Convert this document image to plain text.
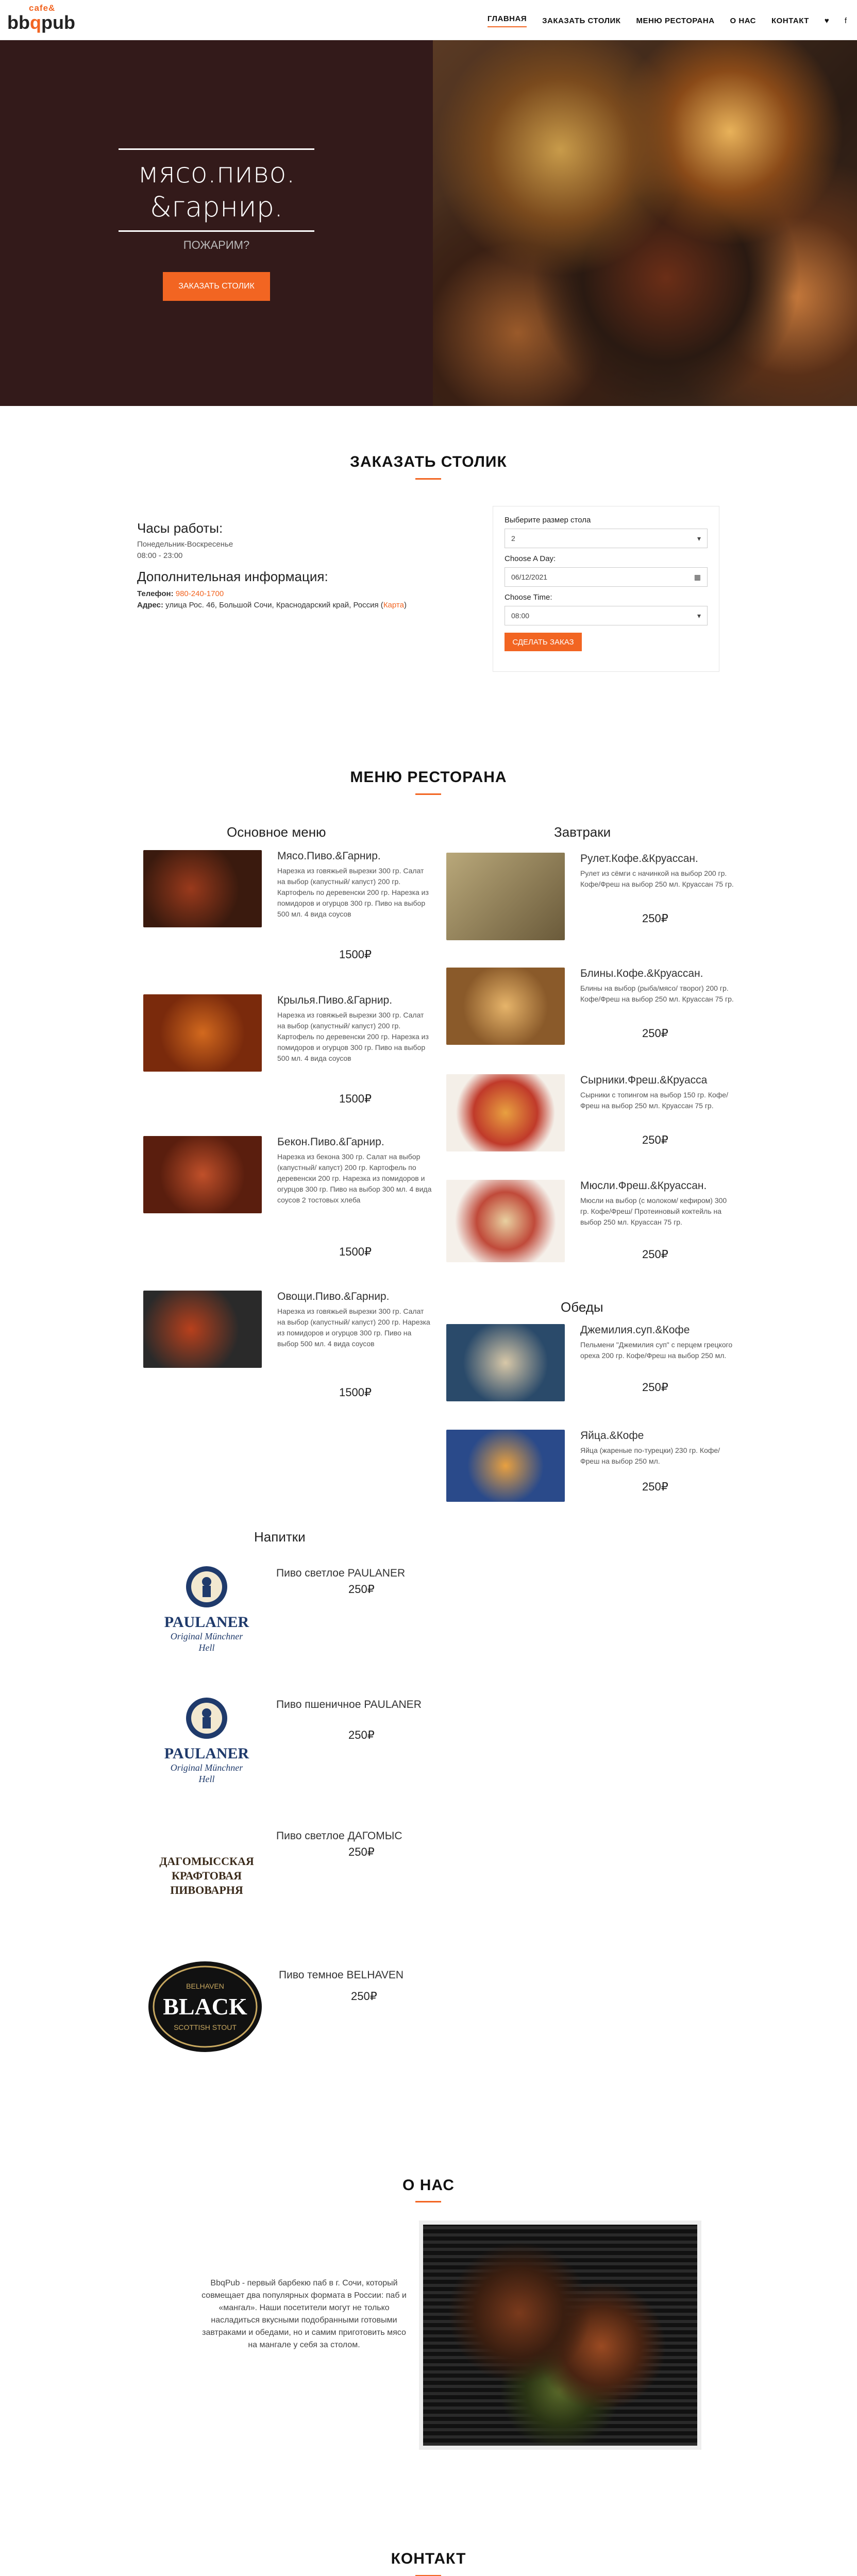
cafe&
bbqpub	ГЛАВНАЯ ЗАКАЗАТЬ СТОЛИК МЕНЮ РЕСТОРАНА О НАС КОНТАКТ ♥ f
мясо.пиво.
&гарнир.
ПОЖАРИМ?
ЗАКАЗАТЬ СТОЛИК
ЗАКАЗАТЬ СТОЛИК
Часы работы:
Понедельник-Воскресенье
08:00 - 23:00
Дополнительная информация:
Телефон: 980-240-1700
Адрес: улица Рос. 46, Большой Сочи, Краснодарский край, Россия (Карта)
Выберите размер стола
2	▾
Choose A Day:
06/12/2021	▦
Choose Time:
08:00	▾
СДЕЛАТЬ ЗАКАЗ
МЕНЮ РЕСТОРАНА
Основное меню	Завтраки
Мясо.Пиво.&Гарнир.
Нарезка из говяжьей вырезки 300 гр. Салат на выбор (капустный/ капуст) 200 гр. Картофель по деревенски 200 гр. Нарезка из помидоров и огурцов 300 гр. Пиво на выбор 500 мл. 4 вида соусов
1500₽
Крылья.Пиво.&Гарнир.
Нарезка из говяжьей вырезки 300 гр. Салат на выбор (капустный/ капуст) 200 гр. Картофель по деревенски 200 гр. Нарезка из помидоров и огурцов 300 гр. Пиво на выбор 500 мл. 4 вида соусов
1500₽
Бекон.Пиво.&Гарнир.
Нарезка из бекона 300 гр. Салат на выбор (капустный/ капуст) 200 гр. Картофель по деревенски 200 гр. Нарезка из помидоров и огурцов 300 гр. Пиво на выбор 300 мл. 4 вида соусов 2 тостовых хлеба
1500₽
Овощи.Пиво.&Гарнир.
Нарезка из говяжьей вырезки 300 гр. Салат на выбор (капустный/ капуст) 200 гр. Нарезка из помидоров и огурцов 300 гр. Пиво на выбор 500 мл. 4 вида соусов
1500₽
Рулет.Кофе.&Круассан.
Рулет из сёмги с начинкой на выбор 200 гр. Кофе/Фреш на выбор 250 мл. Круассан 75 гр.
250₽
Блины.Кофе.&Круассан.
Блины на выбор (рыба/мясо/ творог) 200 гр. Кофе/Фреш на выбор 250 мл. Круассан 75 гр.
250₽
Сырники.Фреш.&Круасса
Сырники с топингом на выбор 150 гр. Кофе/Фреш на выбор 250 мл. Круассан 75 гр.
250₽
Мюсли.Фреш.&Круассан.
Мюсли на выбор (с молоком/ кефиром) 300 гр. Кофе/Фреш/ Протеиновый коктейль на выбор 250 мл. Круассан 75 гр.
250₽
Обеды
Джемилия.суп.&Кофе
Пельмени "Джемилия суп" с перцем грецкого ореха 200 гр. Кофе/Фреш на выбор 250 мл.
250₽
Яйца.&Кофе
Яйца (жареные по-турецки) 230 гр. Кофе/Фреш на выбор 250 мл.
250₽
Напитки
PAULANER
Original Münchner
Hell
Пиво светлое PAULANER
250₽
PAULANER
Original Münchner
Hell
Пиво пшеничное PAULANER
250₽
ДАГОМЫССКАЯ
КРАФТОВАЯ
ПИВОВАРНЯ
Пиво светлое ДАГОМЫС
250₽
BELHAVEN
BLACK
SCOTTISH STOUT
Пиво темное BELHAVEN
250₽
О НАС
BbqPub - первый барбекю паб в г. Сочи, который совмещает два популярных формата в России: паб и «мангал». Наши посетители могут не только насладиться вкусными подобранными готовыми завтраками и обедами, но и самим приготовить мясо на мангале у себя за столом.
КОНТАКТ
